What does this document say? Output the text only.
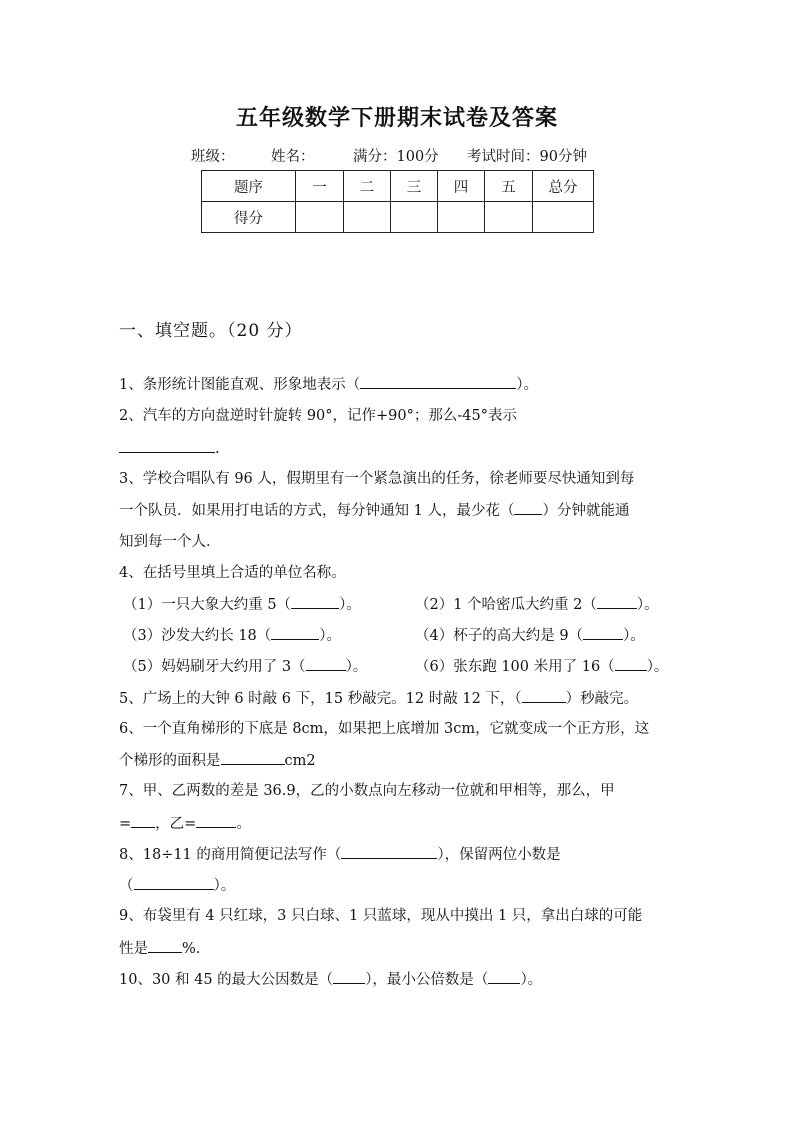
五年级数学下册期末试卷及答案
班级：	姓名：	满分：100分 考试时间：90分钟
题序	一	二	三	四	五	总分
得分						
一、填空题。（20 分）
1、条形统计图能直观、形象地表示（	）。
2、汽车的方向盘逆时针旋转 90°，记作+90°；那么-45°表示
.
3、学校合唱队有 96 人，假期里有一个紧急演出的任务，徐老师要尽快通知到每
一个队员．如果用打电话的方式，每分钟通知 1 人，最少花（ ）分钟就能通
知到每一个人．
4、在括号里填上合适的单位名称。
（1）一只大象大约重 5（	）。	（2）1 个哈密瓜大约重 2（	）。
（3）沙发大约长 18（	）。	（4）杯子的高大约是 9（	）。
（5）妈妈刷牙大约用了 3（	）。	（6）张东跑 100 米用了 16（ ）。
5、广场上的大钟 6 时敲 6 下，15 秒敲完。12 时敲 12 下，（	）秒敲完。
6、一个直角梯形的下底是 8cm，如果把上底增加 3cm，它就变成一个正方形，这
个梯形的面积是	cm2
7、甲、乙两数的差是 36.9，乙的小数点向左移动一位就和甲相等，那么，甲
= ，乙=	。
8、18÷11 的商用简便记法写作（	），保留两位小数是
（	）。
9、布袋里有 4 只红球，3 只白球、1 只蓝球，现从中摸出 1 只，拿出白球的可能
性是 %.
10、30 和 45 的最大公因数是（ ），最小公倍数是（ ）。
